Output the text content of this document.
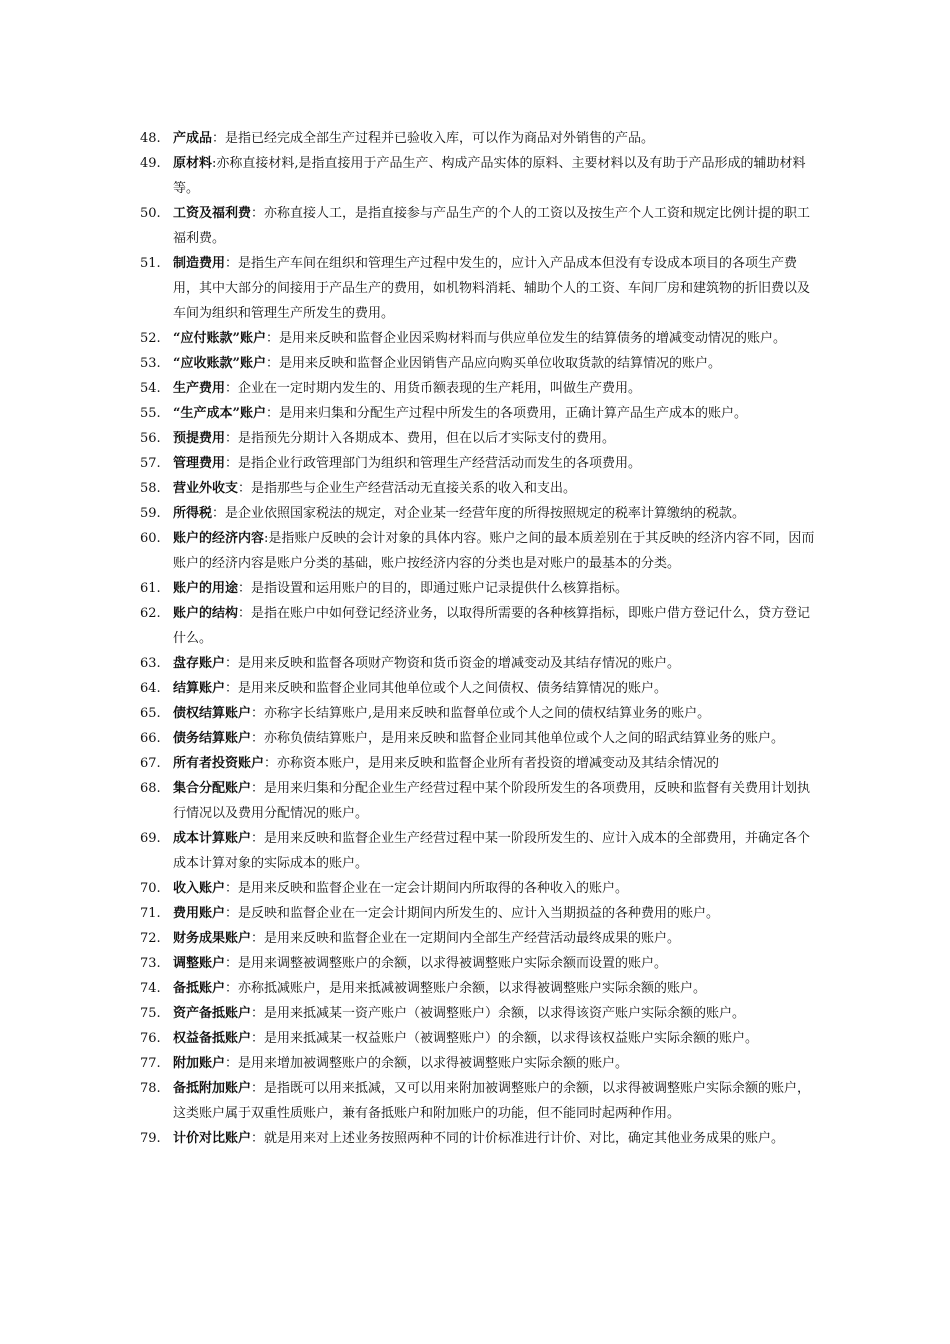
48. 产成品：是指已经完成全部生产过程并已验收入库，可以作为商品对外销售的产品。
49. 原材料:亦称直接材料,是指直接用于产品生产、构成产品实体的原料、主要材料以及有助于产品形成的辅助材料等。
50. 工资及福利费：亦称直接人工，是指直接参与产品生产的个人的工资以及按生产个人工资和规定比例计提的职工福利费。
51. 制造费用：是指生产车间在组织和管理生产过程中发生的，应计入产品成本但没有专设成本项目的各项生产费用，其中大部分的间接用于产品生产的费用，如机物料消耗、辅助个人的工资、车间厂房和建筑物的折旧费以及车间为组织和管理生产所发生的费用。
52. “应付账款”账户：是用来反映和监督企业因采购材料而与供应单位发生的结算债务的增减变动情况的账户。
53. “应收账款”账户：是用来反映和监督企业因销售产品应向购买单位收取货款的结算情况的账户。
54. 生产费用：企业在一定时期内发生的、用货币额表现的生产耗用，叫做生产费用。
55. “生产成本”账户：是用来归集和分配生产过程中所发生的各项费用，正确计算产品生产成本的账户。
56. 预提费用：是指预先分期计入各期成本、费用，但在以后才实际支付的费用。
57. 管理费用：是指企业行政管理部门为组织和管理生产经营活动而发生的各项费用。
58. 营业外收支：是指那些与企业生产经营活动无直接关系的收入和支出。
59. 所得税：是企业依照国家税法的规定，对企业某一经营年度的所得按照规定的税率计算缴纳的税款。
60. 账户的经济内容:是指账户反映的会计对象的具体内容。账户之间的最本质差别在于其反映的经济内容不同，因而账户的经济内容是账户分类的基础，账户按经济内容的分类也是对账户的最基本的分类。
61. 账户的用途：是指设置和运用账户的目的，即通过账户记录提供什么核算指标。
62. 账户的结构：是指在账户中如何登记经济业务，以取得所需要的各种核算指标，即账户借方登记什么，贷方登记什么。
63. 盘存账户：是用来反映和监督各项财产物资和货币资金的增减变动及其结存情况的账户。
64. 结算账户：是用来反映和监督企业同其他单位或个人之间债权、债务结算情况的账户。
65. 债权结算账户：亦称字长结算账户,是用来反映和监督单位或个人之间的债权结算业务的账户。
66. 债务结算账户：亦称负债结算账户，是用来反映和监督企业同其他单位或个人之间的昭武结算业务的账户。
67. 所有者投资账户：亦称资本账户，是用来反映和监督企业所有者投资的增减变动及其结余情况的
68. 集合分配账户：是用来归集和分配企业生产经营过程中某个阶段所发生的各项费用，反映和监督有关费用计划执行情况以及费用分配情况的账户。
69. 成本计算账户：是用来反映和监督企业生产经营过程中某一阶段所发生的、应计入成本的全部费用，并确定各个成本计算对象的实际成本的账户。
70. 收入账户：是用来反映和监督企业在一定会计期间内所取得的各种收入的账户。
71. 费用账户：是反映和监督企业在一定会计期间内所发生的、应计入当期损益的各种费用的账户。
72. 财务成果账户：是用来反映和监督企业在一定期间内全部生产经营活动最终成果的账户。
73. 调整账户：是用来调整被调整账户的余额，以求得被调整账户实际余额而设置的账户。
74. 备抵账户：亦称抵减账户，是用来抵减被调整账户余额，以求得被调整账户实际余额的账户。
75. 资产备抵账户：是用来抵减某一资产账户（被调整账户）余额，以求得该资产账户实际余额的账户。
76. 权益备抵账户：是用来抵减某一权益账户（被调整账户）的余额，以求得该权益账户实际余额的账户。
77. 附加账户：是用来增加被调整账户的余额，以求得被调整账户实际余额的账户。
78. 备抵附加账户：是指既可以用来抵减，又可以用来附加被调整账户的余额，以求得被调整账户实际余额的账户，这类账户属于双重性质账户，兼有备抵账户和附加账户的功能，但不能同时起两种作用。
79. 计价对比账户：就是用来对上述业务按照两种不同的计价标准进行计价、对比，确定其他业务成果的账户。
